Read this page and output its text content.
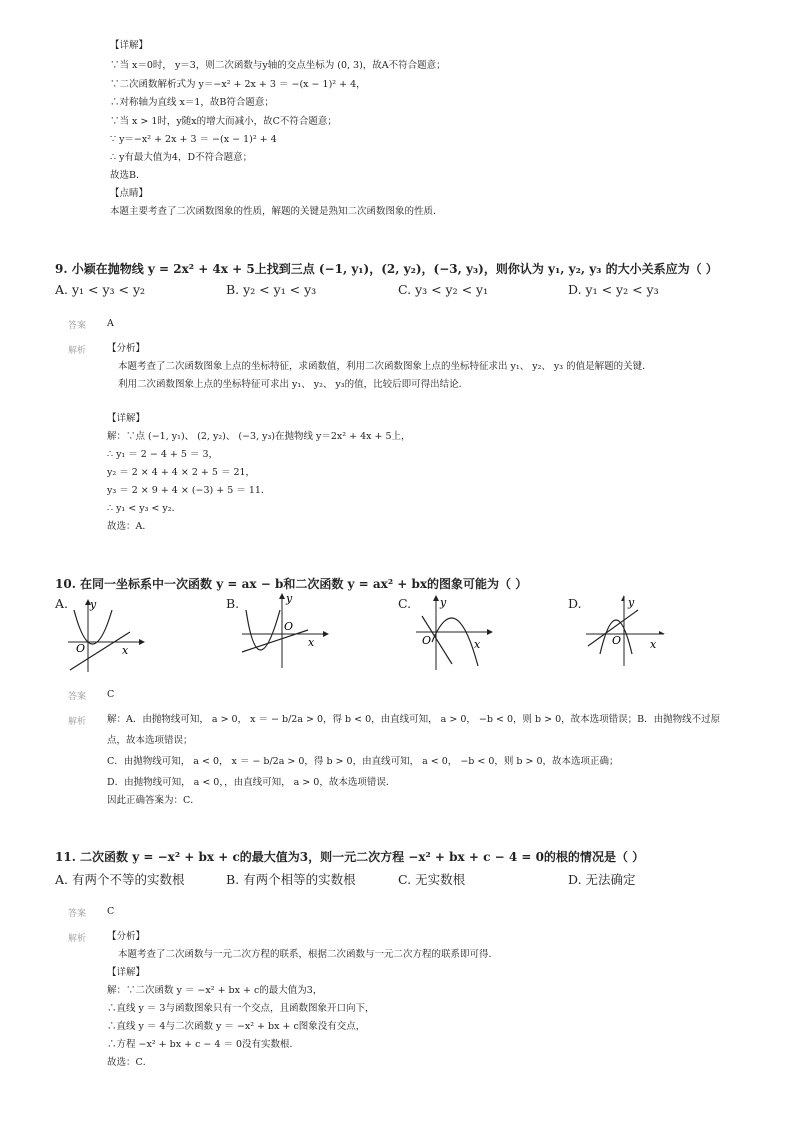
【详解】
∵当 x＝0时， y＝3，则二次函数与y轴的交点坐标为 (0, 3)，故A不符合题意；
∵二次函数解析式为 y＝−x² + 2x + 3 ＝ −(x − 1)² + 4，
∴对称轴为直线 x＝1，故B符合题意；
∵当 x > 1时，y随x的增大而减小，故C不符合题意；
∵ y＝−x² + 2x + 3 ＝ −(x − 1)² + 4
∴ y有最大值为4，D不符合题意；
故选B．
【点睛】
本题主要考查了二次函数图象的性质，解题的关键是熟知二次函数图象的性质．
9. 小颖在抛物线 y = 2x² + 4x + 5上找到三点 (−1, y₁)，(2, y₂)，(−3, y₃)，则你认为 y₁, y₂, y₃ 的大小关系应为（ ）
A. y₁ < y₃ < y₂	B. y₂ < y₁ < y₃	C. y₃ < y₂ < y₁	D. y₁ < y₂ < y₃
答案 A
解析 【分析】
本题考查了二次函数图象上点的坐标特征，求函数值，利用二次函数图象上点的坐标特征求出 y₁、 y₂、 y₃ 的值是解题的关键．
利用二次函数图象上点的坐标特征可求出 y₁、 y₂、 y₃的值，比较后即可得出结论．
【详解】
解：∵点 (−1, y₁)、 (2, y₂)、 (−3, y₃)在抛物线 y＝2x² + 4x + 5上，
∴ y₁ ＝ 2 − 4 + 5 ＝ 3，
y₂ ＝ 2 × 4 + 4 × 2 + 5 ＝ 21，
y₃ ＝ 2 × 9 + 4 × (−3) + 5 ＝ 11．
∴ y₁ < y₃ < y₂．
故选：A．
10. 在同一坐标系中一次函数 y = ax − b和二次函数 y = ax² + bx的图象可能为（ ）
A.	B.	C.	D.
y
O	x
y
O
x
y
O	x
y
O	x
答案 C
解析 解：A．由抛物线可知， a > 0， x ＝ − b/2a > 0，得 b < 0，由直线可知， a > 0， −b < 0，则 b > 0，故本选项错误；B．由抛物线不过原
点，故本选项错误；
C．由抛物线可知， a < 0， x ＝ − b/2a > 0，得 b > 0，由直线可知， a < 0， −b < 0，则 b > 0，故本选项正确；
D．由抛物线可知， a < 0，，由直线可知， a > 0，故本选项错误．
因此正确答案为：C．
11. 二次函数 y = −x² + bx + c的最大值为3，则一元二次方程 −x² + bx + c − 4 = 0的根的情况是（ ）
A. 有两个不等的实数根	B. 有两个相等的实数根	C. 无实数根	D. 无法确定
答案 C
解析 【分析】
本题考查了二次函数与一元二次方程的联系，根据二次函数与一元二次方程的联系即可得．
【详解】
解：∵二次函数 y ＝ −x² + bx + c的最大值为3，
∴直线 y ＝ 3与函数图象只有一个交点，且函数图象开口向下，
∴直线 y ＝ 4与二次函数 y ＝ −x² + bx + c图象没有交点，
∴方程 −x² + bx + c − 4 ＝ 0没有实数根．
故选：C．
